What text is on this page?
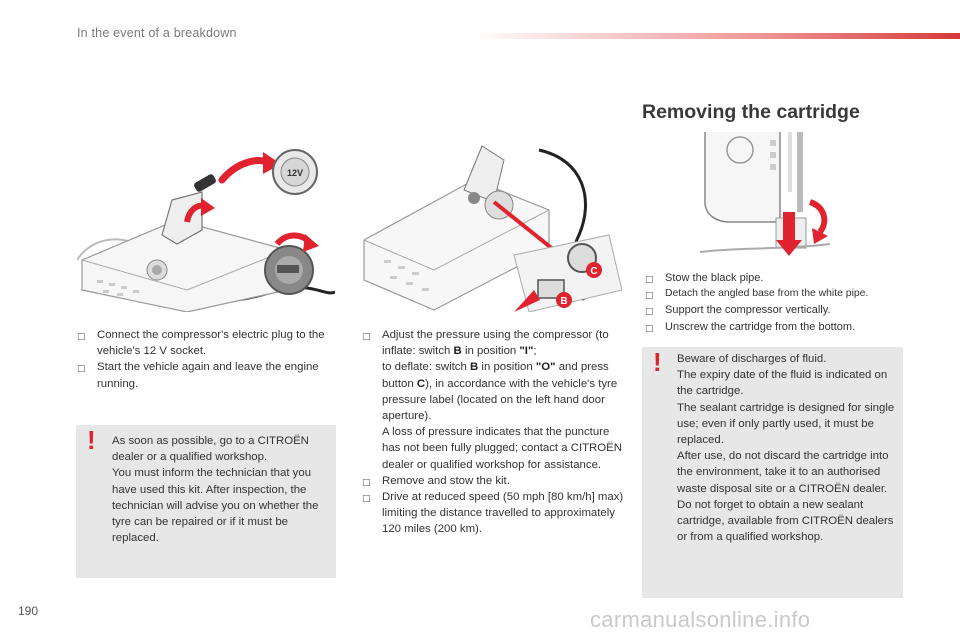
In the event of a breakdown
12V
C
B
□ Connect the compressor's electric plug to the vehicle's 12 V socket.
□ Start the vehicle again and leave the engine running.
! As soon as possible, go to a CITROËN dealer or a qualified workshop.

You must inform the technician that you have used this kit. After inspection, the technician will advise you on whether the tyre can be repaired or if it must be replaced.

□ Adjust the pressure using the compressor (to inflate: switch B in position "I";
to deflate: switch B in position "O" and press button C), in accordance with the vehicle's tyre pressure label (located on the left hand door aperture).
A loss of pressure indicates that the puncture has not been fully plugged; contact a CITROËN dealer or qualified workshop for assistance.
□ Remove and stow the kit.
□ Drive at reduced speed (50 mph [80 km/h] max) limiting the distance travelled to approximately 120 miles (200 km).
Removing the cartridge
□ Stow the black pipe.
□ Detach the angled base from the white pipe.
□ Support the compressor vertically.
□ Unscrew the cartridge from the bottom.
! Beware of discharges of fluid.

The expiry date of the fluid is indicated on the cartridge.

The sealant cartridge is designed for single use; even if only partly used, it must be replaced.

After use, do not discard the cartridge into the environment, take it to an authorised waste disposal site or a CITROËN dealer.

Do not forget to obtain a new sealant cartridge, available from CITROËN dealers or from a qualified workshop.

190	carmanualsonline.info
